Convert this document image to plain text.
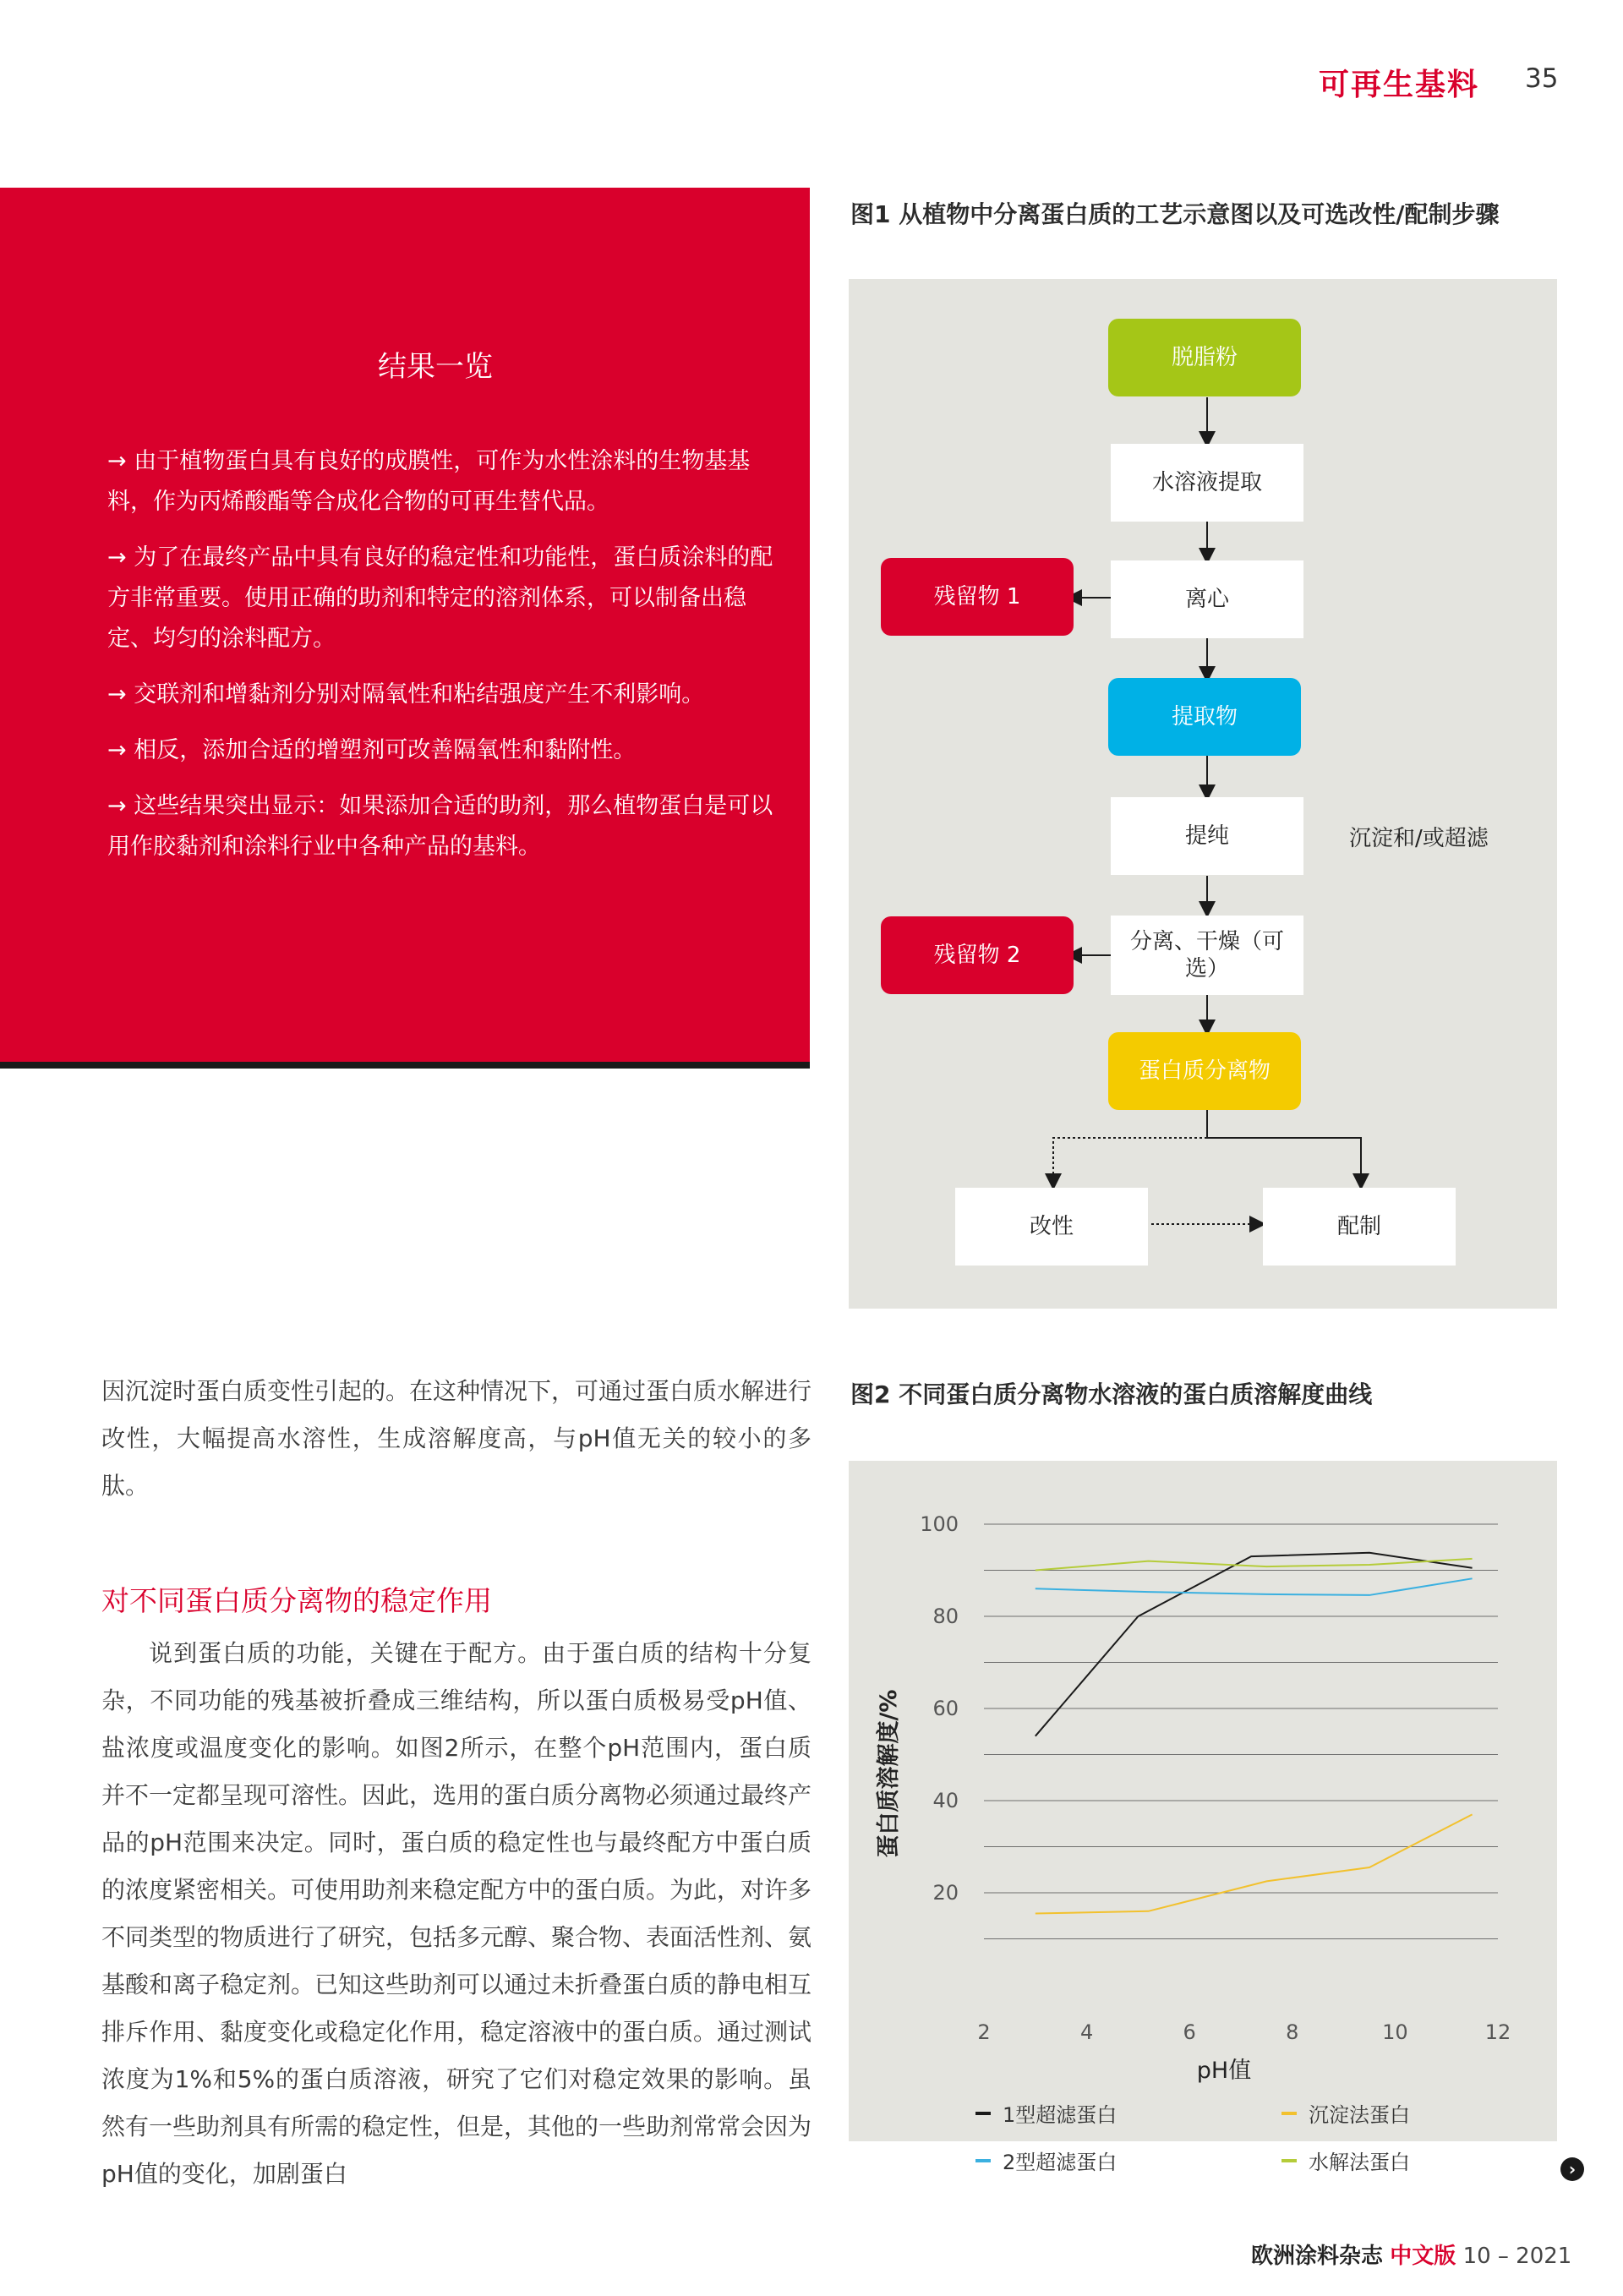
可再生基料 35
结果一览
→ 由于植物蛋白具有良好的成膜性，可作为水性涂料的生物基基料，作为丙烯酸酯等合成化合物的可再生替代品。
→ 为了在最终产品中具有良好的稳定性和功能性，蛋白质涂料的配方非常重要。使用正确的助剂和特定的溶剂体系，可以制备出稳定、均匀的涂料配方。
→ 交联剂和增黏剂分别对隔氧性和粘结强度产生不利影响。
→ 相反，添加合适的增塑剂可改善隔氧性和黏附性。
→ 这些结果突出显示：如果添加合适的助剂，那么植物蛋白是可以用作胶黏剂和涂料行业中各种产品的基料。
图1 从植物中分离蛋白质的工艺示意图以及可选改性/配制步骤
脱脂粉
水溶液提取
离心
残留物 1
提取物
提纯	沉淀和/或超滤
分离、干燥（可选）
残留物 2
蛋白质分离物
改性	配制
图2 不同蛋白质分离物水溶液的蛋白质溶解度曲线
20
40
60
80
100
2	4	6	8	10	12
pH值
蛋白质溶解度/%
1型超滤蛋白
2型超滤蛋白
沉淀法蛋白
水解法蛋白
因沉淀时蛋白质变性引起的。在这种情况下，可通过蛋白质水解进行改性，大幅提高水溶性，生成溶解度高，与pH值无关的较小的多肽。
对不同蛋白质分离物的稳定作用
说到蛋白质的功能，关键在于配方。由于蛋白质的结构十分复杂，不同功能的残基被折叠成三维结构，所以蛋白质极易受pH值、盐浓度或温度变化的影响。如图2所示，在整个pH范围内，蛋白质并不一定都呈现可溶性。因此，选用的蛋白质分离物必须通过最终产品的pH范围来决定。同时，蛋白质的稳定性也与最终配方中蛋白质的浓度紧密相关。可使用助剂来稳定配方中的蛋白质。为此，对许多不同类型的物质进行了研究，包括多元醇、聚合物、表面活性剂、氨基酸和离子稳定剂。已知这些助剂可以通过未折叠蛋白质的静电相互排斥作用、黏度变化或稳定化作用，稳定溶液中的蛋白质。通过测试浓度为1%和5%的蛋白质溶液，研究了它们对稳定效果的影响。虽然有一些助剂具有所需的稳定性，但是，其他的一些助剂常常会因为pH值的变化，加剧蛋白	›
欧洲涂料杂志 中文版 10 – 2021
